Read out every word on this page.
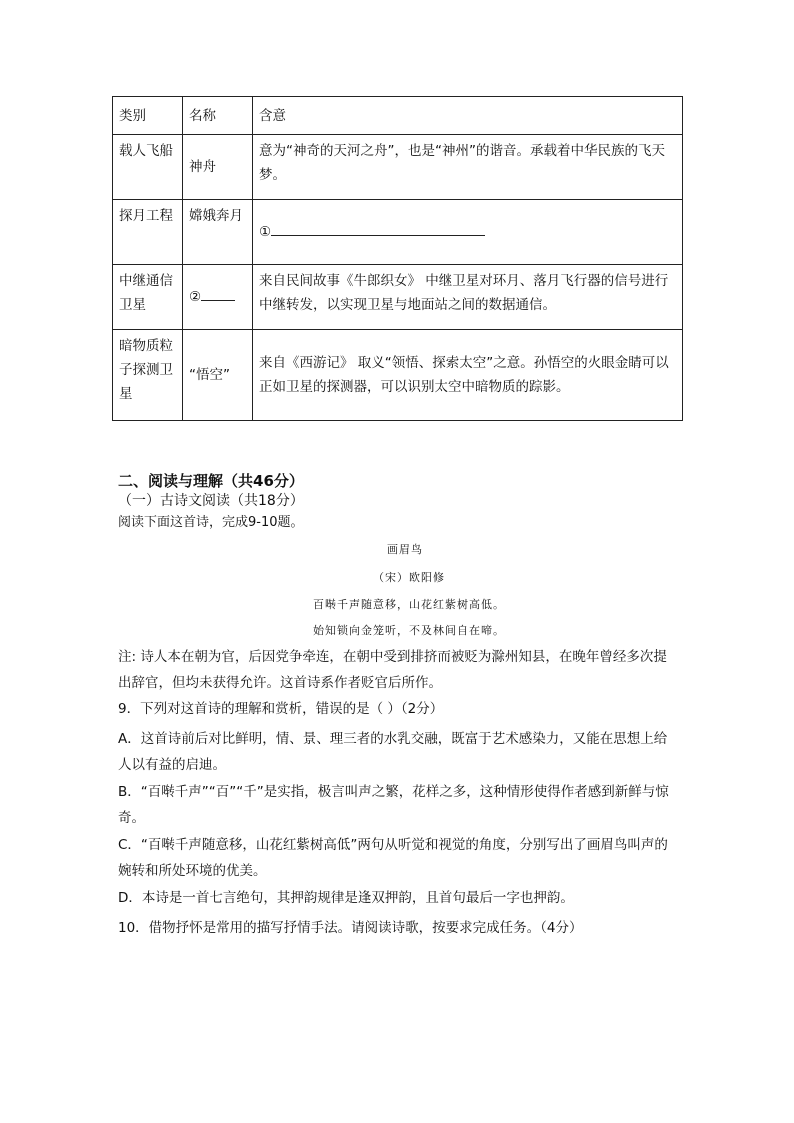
类别	名称	含意
载人飞船	神舟	意为“神奇的天河之舟”，也是“神州”的谐音。承载着中华民族的飞天梦。
探月工程	嫦娥奔月	①
中继通信卫星	②	来自民间故事《牛郎织女》 中继卫星对环月、落月飞行器的信号进行中继转发，以实现卫星与地面站之间的数据通信。
暗物质粒子探测卫星	“悟空”	来自《西游记》 取义“领悟、探索太空”之意。孙悟空的火眼金睛可以正如卫星的探测器，可以识别太空中暗物质的踪影。
二、阅读与理解（共46分）
（一）古诗文阅读（共18分）
阅读下面这首诗，完成9-10题。
画眉鸟
（宋）欧阳修
百啭千声随意移，山花红紫树高低。
始知锁向金笼听，不及林间自在啼。
注: 诗人本在朝为官，后因党争牵连，在朝中受到排挤而被贬为滁州知县，在晚年曾经多次提出辞官，但均未获得允许。这首诗系作者贬官后所作。
9．下列对这首诗的理解和赏析，错误的是（ ）（2分）
A．这首诗前后对比鲜明，情、景、理三者的水乳交融，既富于艺术感染力，又能在思想上给人以有益的启迪。
B．“百啭千声”“百”“千”是实指，极言叫声之繁，花样之多，这种情形使得作者感到新鲜与惊奇。
C．“百啭千声随意移，山花红紫树高低”两句从听觉和视觉的角度，分别写出了画眉鸟叫声的婉转和所处环境的优美。
D．本诗是一首七言绝句，其押韵规律是逢双押韵，且首句最后一字也押韵。
10．借物抒怀是常用的描写抒情手法。请阅读诗歌，按要求完成任务。（4分）
